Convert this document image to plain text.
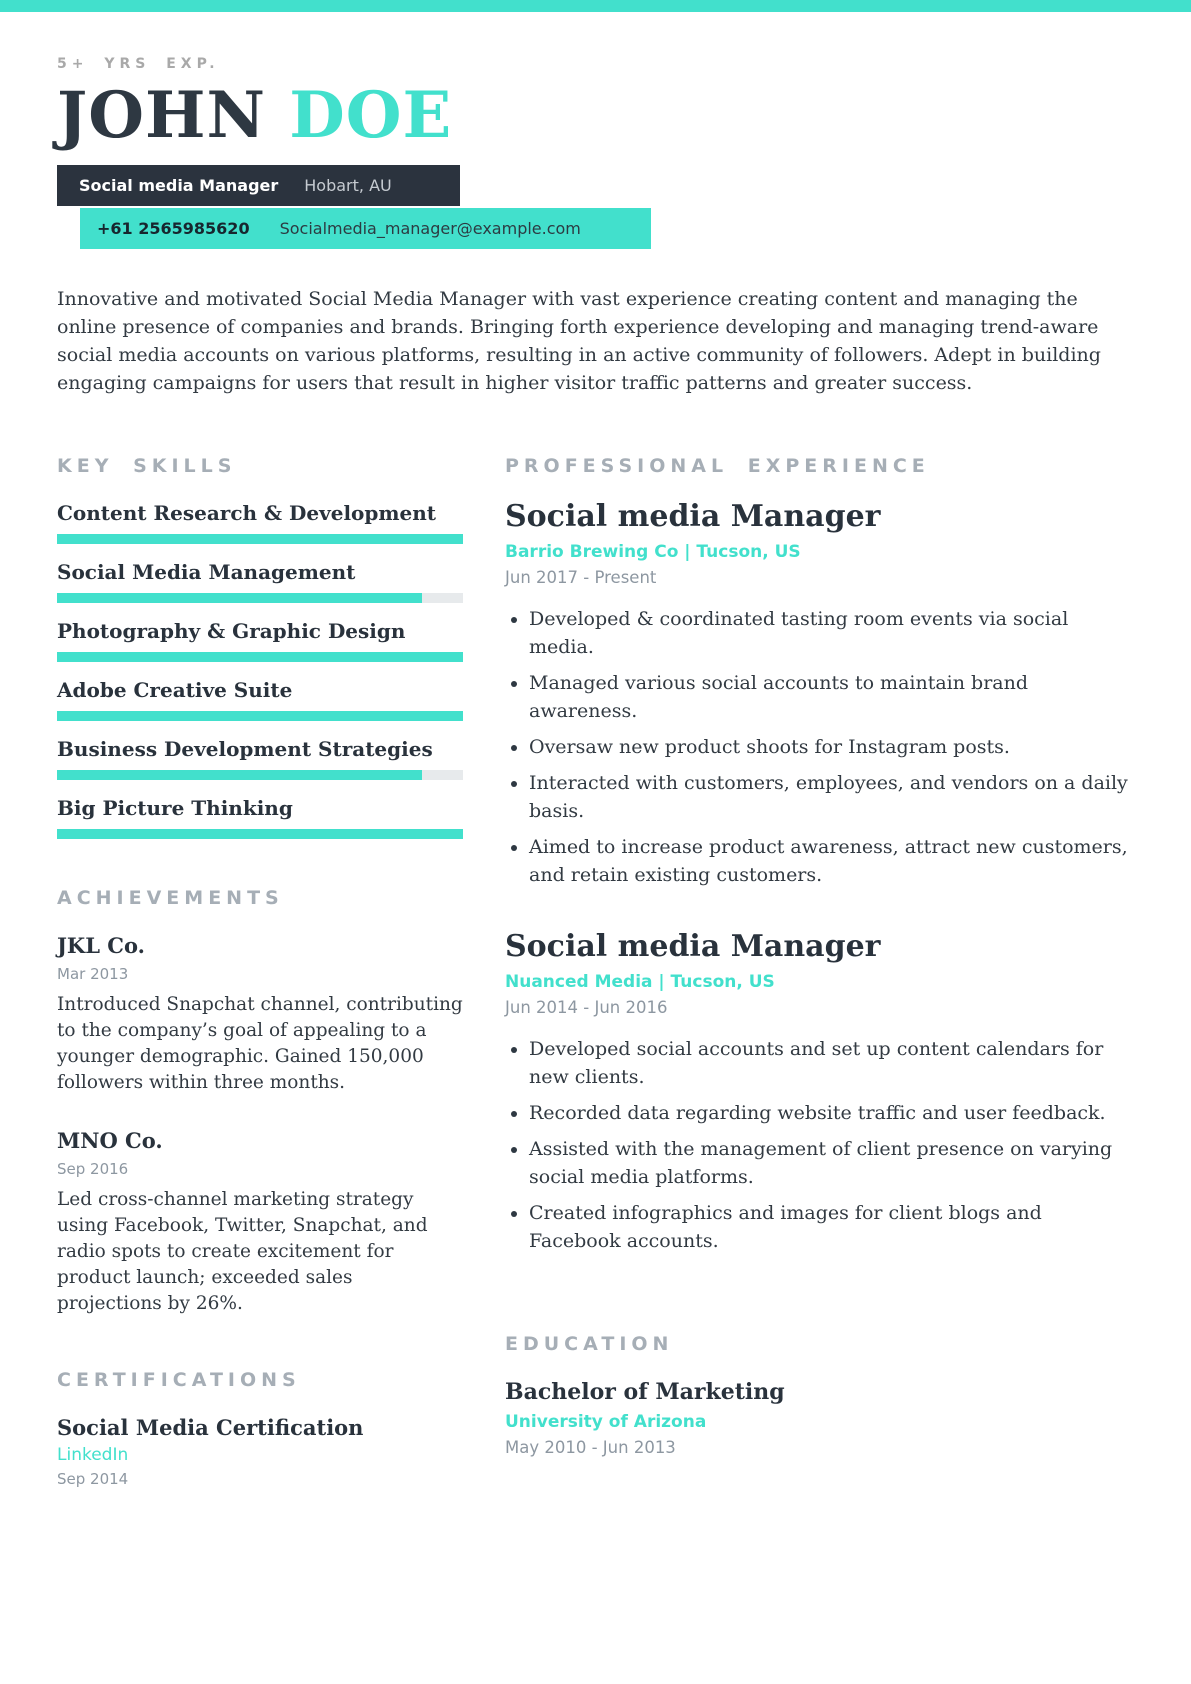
5+ YRS EXP.
JOHN DOE
Social media Manager Hobart, AU
+61 2565985620 Socialmedia_manager@example.com

Innovative and motivated Social Media Manager with vast experience creating content and managing the online presence of companies and brands. Bringing forth experience developing and managing trend-aware social media accounts on various platforms, resulting in an active community of followers. Adept in building engaging campaigns for users that result in higher visitor traffic patterns and greater success.

KEY SKILLS
Content Research & Development
Social Media Management
Photography & Graphic Design
Adobe Creative Suite
Business Development Strategies
Big Picture Thinking
ACHIEVEMENTS
JKL Co.
Mar 2013
Introduced Snapchat channel, contributing to the company’s goal of appealing to a younger demographic. Gained 150,000 followers within three months.
MNO Co.
Sep 2016
Led cross-channel marketing strategy using Facebook, Twitter, Snapchat, and radio spots to create excitement for product launch; exceeded sales projections by 26%.
CERTIFICATIONS
Social Media Certification
LinkedIn
Sep 2014
PROFESSIONAL EXPERIENCE
Social media Manager
Barrio Brewing Co | Tucson, US
Jun 2017 - Present
• Developed & coordinated tasting room events via social media.
• Managed various social accounts to maintain brand awareness.
• Oversaw new product shoots for Instagram posts.
• Interacted with customers, employees, and vendors on a daily basis.
• Aimed to increase product awareness, attract new customers, and retain existing customers.
Social media Manager
Nuanced Media | Tucson, US
Jun 2014 - Jun 2016
• Developed social accounts and set up content calendars for new clients.
• Recorded data regarding website traffic and user feedback.
• Assisted with the management of client presence on varying social media platforms.
• Created infographics and images for client blogs and Facebook accounts.
EDUCATION
Bachelor of Marketing
University of Arizona
May 2010 - Jun 2013
